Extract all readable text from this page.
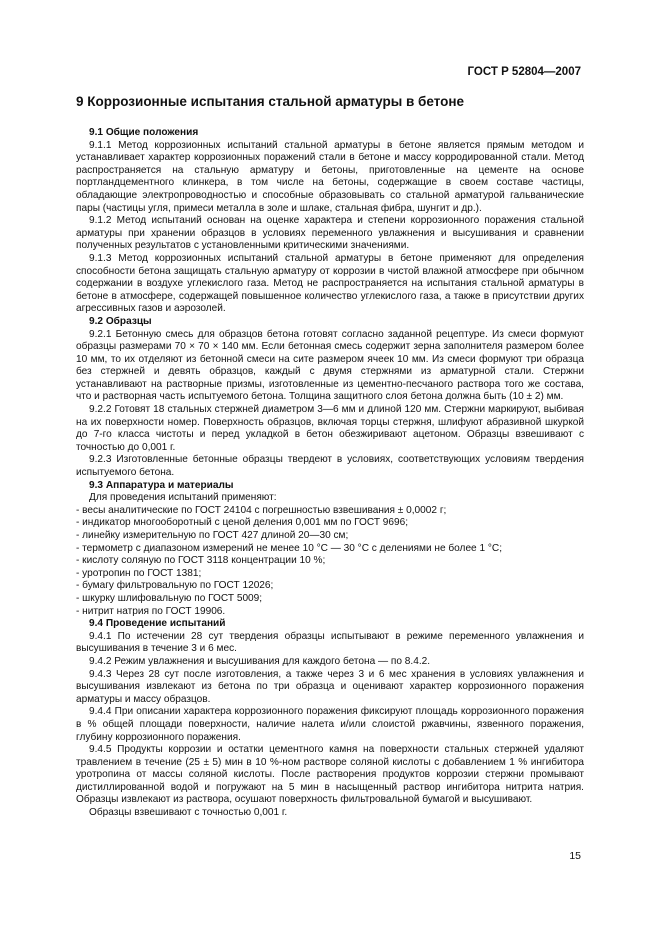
ГОСТ Р 52804—2007
9 Коррозионные испытания стальной арматуры в бетоне
9.1 Общие положения

9.1.1 Метод коррозионных испытаний стальной арматуры в бетоне является прямым методом и устанавливает характер коррозионных поражений стали в бетоне и массу корродированной стали. Метод распространяется на стальную арматуру и бетоны, приготовленные на цементе на основе портландцементного клинкера, в том числе на бетоны, содержащие в своем составе частицы, обладающие электропроводностью и способные образовывать со стальной арматурой гальванические пары (частицы угля, примеси металла в золе и шлаке, стальная фибра, шунгит и др.).

9.1.2 Метод испытаний основан на оценке характера и степени коррозионного поражения стальной арматуры при хранении образцов в условиях переменного увлажнения и высушивания и сравнении полученных результатов с установленными критическими значениями.

9.1.3 Метод коррозионных испытаний стальной арматуры в бетоне применяют для определения способности бетона защищать стальную арматуру от коррозии в чистой влажной атмосфере при обычном содержании в воздухе углекислого газа. Метод не распространяется на испытания стальной арматуры в бетоне в атмосфере, содержащей повышенное количество углекислого газа, а также в присутствии других агрессивных газов и аэрозолей.

9.2 Образцы

9.2.1 Бетонную смесь для образцов бетона готовят согласно заданной рецептуре. Из смеси формуют образцы размерами 70 × 70 × 140 мм. Если бетонная смесь содержит зерна заполнителя размером более 10 мм, то их отделяют из бетонной смеси на сите размером ячеек 10 мм. Из смеси формуют три образца без стержней и девять образцов, каждый с двумя стержнями из арматурной стали. Стержни устанавливают на растворные призмы, изготовленные из цементно-песчаного раствора того же состава, что и растворная часть испытуемого бетона. Толщина защитного слоя бетона должна быть (10 ± 2) мм.

9.2.2 Готовят 18 стальных стержней диаметром 3—6 мм и длиной 120 мм. Стержни маркируют, выбивая на их поверхности номер. Поверхность образцов, включая торцы стержня, шлифуют абразивной шкуркой до 7-го класса чистоты и перед укладкой в бетон обезжиривают ацетоном. Образцы взвешивают с точностью до 0,001 г.

9.2.3 Изготовленные бетонные образцы твердеют в условиях, соответствующих условиям твердения испытуемого бетона.

9.3 Аппаратура и материалы

Для проведения испытаний применяют:

- весы аналитические по ГОСТ 24104 с погрешностью взвешивания ± 0,0002 г;
- индикатор многооборотный с ценой деления 0,001 мм по ГОСТ 9696;
- линейку измерительную по ГОСТ 427 длиной 20—30 см;
- термометр с диапазоном измерений не менее 10 °С — 30 °С с делениями не более 1 °С;
- кислоту соляную по ГОСТ 3118 концентрации 10 %;
- уротропин по ГОСТ 1381;
- бумагу фильтровальную по ГОСТ 12026;
- шкурку шлифовальную по ГОСТ 5009;
- нитрит натрия по ГОСТ 19906.
9.4 Проведение испытаний

9.4.1 По истечении 28 сут твердения образцы испытывают в режиме переменного увлажнения и высушивания в течение 3 и 6 мес.

9.4.2 Режим увлажнения и высушивания для каждого бетона — по 8.4.2.

9.4.3 Через 28 сут после изготовления, а также через 3 и 6 мес хранения в условиях увлажнения и высушивания извлекают из бетона по три образца и оценивают характер коррозионного поражения арматуры и массу образцов.

9.4.4 При описании характера коррозионного поражения фиксируют площадь коррозионного поражения в % общей площади поверхности, наличие налета и/или слоистой ржавчины, язвенного поражения, глубину коррозионного поражения.

9.4.5 Продукты коррозии и остатки цементного камня на поверхности стальных стержней удаляют травлением в течение (25 ± 5) мин в 10 %-ном растворе соляной кислоты с добавлением 1 % ингибитора уротропина от массы соляной кислоты. После растворения продуктов коррозии стержни промывают дистиллированной водой и погружают на 5 мин в насыщенный раствор ингибитора нитрита натрия. Образцы извлекают из раствора, осушают поверхность фильтровальной бумагой и высушивают.

Образцы взвешивают с точностью 0,001 г.

15
